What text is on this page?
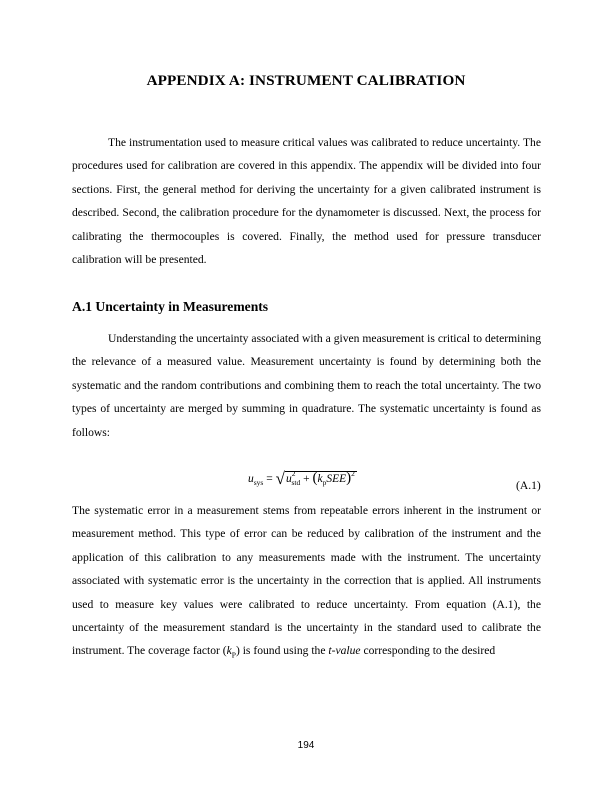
APPENDIX A: INSTRUMENT CALIBRATION

The instrumentation used to measure critical values was calibrated to reduce uncertainty. The procedures used for calibration are covered in this appendix. The appendix will be divided into four sections. First, the general method for deriving the uncertainty for a given calibrated instrument is described. Second, the calibration procedure for the dynamometer is discussed. Next, the process for calibrating the thermocouples is covered. Finally, the method used for pressure transducer calibration will be presented.

A.1 Uncertainty in Measurements

Understanding the uncertainty associated with a given measurement is critical to determining the relevance of a measured value. Measurement uncertainty is found by determining both the systematic and the random contributions and combining them to reach the total uncertainty. The two types of uncertainty are merged by summing in quadrature. The systematic uncertainty is found as follows:

$u_{sys} = √u^2_{std} + (k_pSEE)^2$
(A.1)

The systematic error in a measurement stems from repeatable errors inherent in the instrument or measurement method. This type of error can be reduced by calibration of the instrument and the application of this calibration to any measurements made with the instrument. The uncertainty associated with systematic error is the uncertainty in the correction that is applied. All instruments used to measure key values were calibrated to reduce uncertainty. From equation (A.1), the uncertainty of the measurement standard is the uncertainty in the standard used to calibrate the instrument. The coverage factor $(k_P)$ is found using the t-value corresponding to the desired

194
